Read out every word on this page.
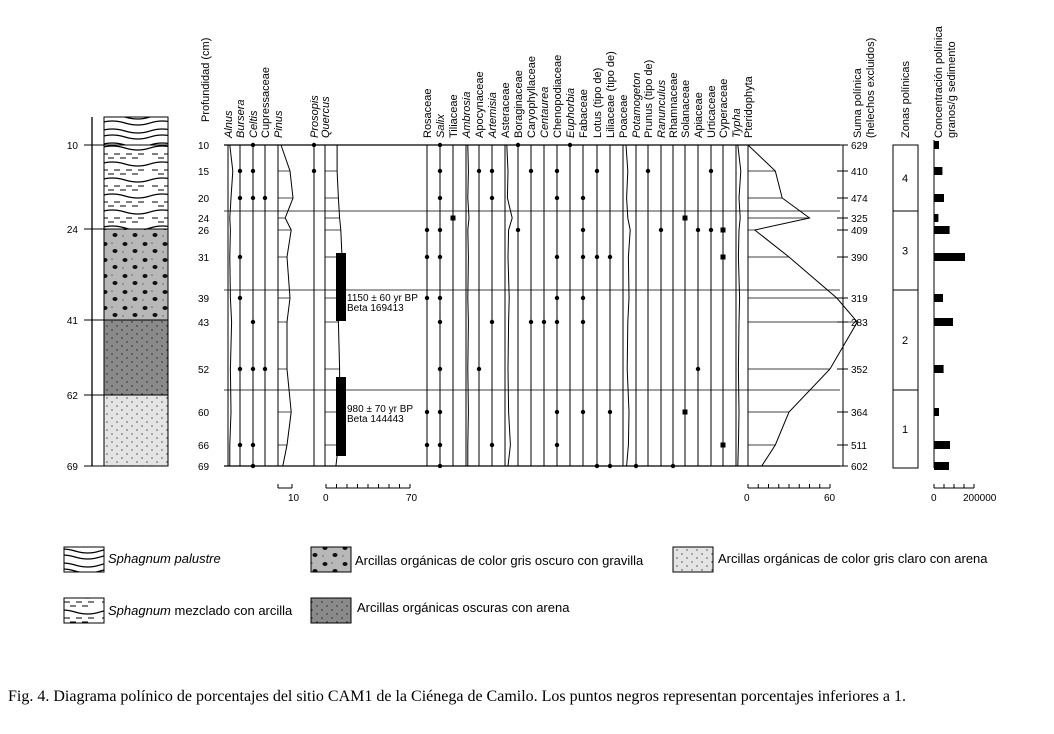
10
24
41
62
69
Profundidad (cm)
10
15
20
24
26
31
39
43
52
60
66
69
Alnus Bursera Celtis Cupressaceae Pinus Prosopis Quercus	Rosaceae Salix Tiliaceae Ambrosia Apocynaceae Artemisia Asteraceae Boraginaceae Caryophyllaceae Centaurea Chenopodiaceae Euphorbia Fabaceae Lotus (tipo de) Liliaceae (tipo de) Poaceae Potamogeton Prunus (tipo de) Ranunculus Rhamnaceae Solanaceae Apiaceae Urticaceae Cyperaceae Typha Pteridophyta
1150 ± 60 yr BP
Beta 169413
980 ± 70 yr BP
Beta 144443
10 0	70	0	60
Suma polínica (helechos excluidos)
629
410
474
325
409
390
319
283
352
364
511
602
Zonas polínicas
4
3
2
1
Concentración polínica granos/g sedimento
0	200000
Sphagnum palustre	Arcillas orgánicas de color gris oscuro con gravilla	Arcillas orgánicas de color gris claro con arena
Sphagnum mezclado con arcilla	Arcillas orgánicas oscuras con arena
Fig. 4. Diagrama polínico de porcentajes del sitio CAM1 de la Ciénega de Camilo. Los puntos negros representan porcentajes inferiores a 1.
